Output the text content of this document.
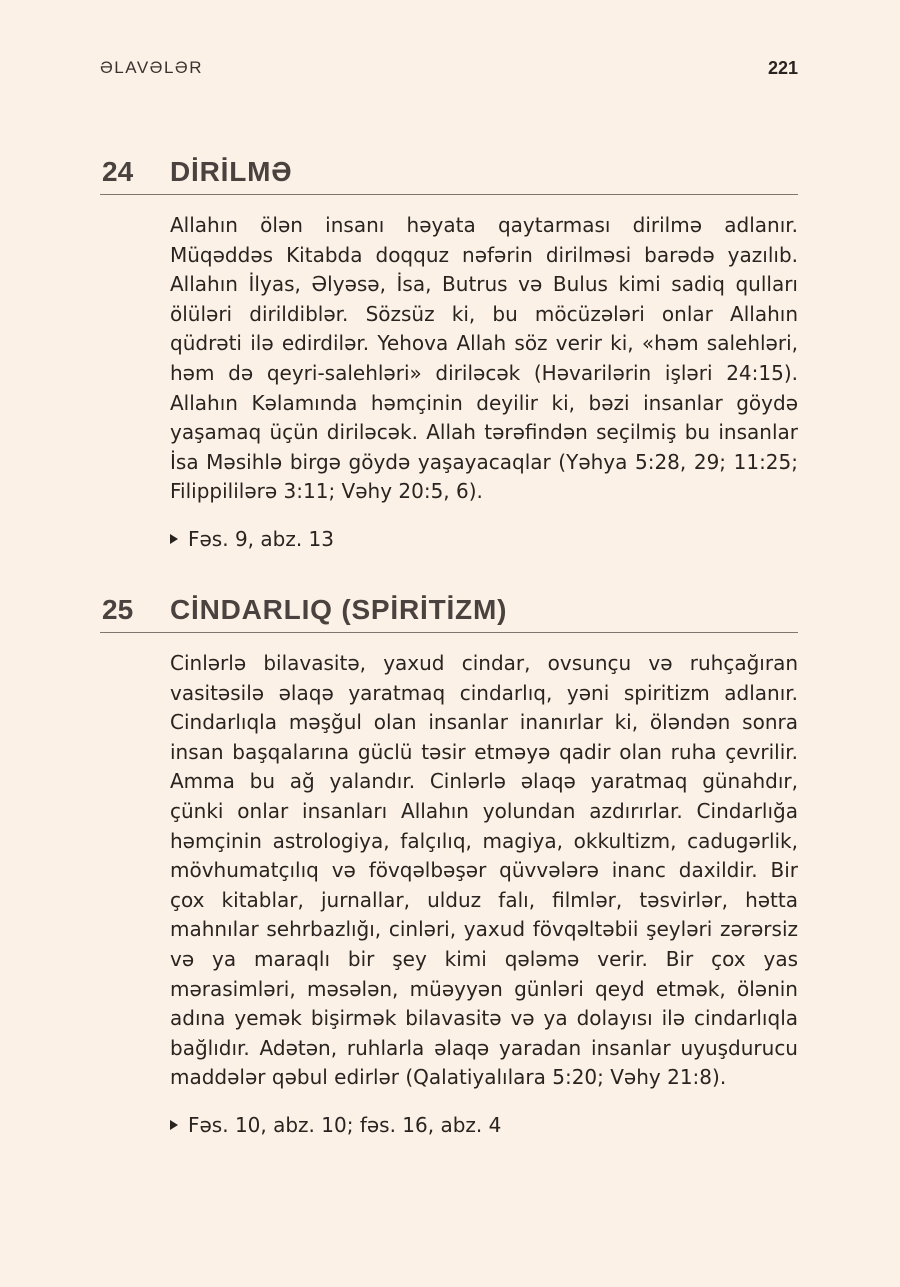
ƏLAVƏLƏR	221
24 DİRİLMƏ

Allahın ölən insanı həyata qaytarması dirilmə adlanır. Müqəddəs Kitabda doqquz nəfərin dirilməsi barədə yazılıb. Allahın İlyas, Əlyəsə, İsa, Butrus və Bulus kimi sadiq qulları ölüləri dirildiblər. Sözsüz ki, bu möcüzələri onlar Allahın qüdrəti ilə edirdilər. Yehova Allah söz verir ki, «həm salehləri, həm də qeyri-salehləri» diriləcək (Həvarilərin işləri 24:15). Allahın Kəlamında həmçinin deyilir ki, bəzi insanlar göydə yaşamaq üçün diriləcək. Allah tərəfindən seçilmiş bu insanlar İsa Məsihlə birgə göydə yaşayacaqlar (Yəhya 5:28, 29; 11:25; Filippililərə 3:11; Vəhy 20:5, 6).

Fəs. 9, abz. 13
25 CİNDARLIQ (SPİRİTİZM)

Cinlərlə bilavasitə, yaxud cindar, ovsunçu və ruhçağıran vasitəsilə əlaqə yaratmaq cindarlıq, yəni spiritizm adlanır. Cindarlıqla məşğul olan insanlar inanırlar ki, öləndən sonra insan başqalarına güclü təsir etməyə qadir olan ruha çevrilir. Amma bu ağ yalandır. Cinlərlə əlaqə yaratmaq günahdır, çünki onlar insanları Allahın yolundan azdırırlar. Cindarlığa həmçinin astrologiya, falçılıq, magiya, okkultizm, cadugərlik, mövhumatçılıq və fövqəlbəşər qüvvələrə inanc daxildir. Bir çox kitablar, jurnallar, ulduz falı, filmlər, təsvirlər, hətta mahnılar sehrbazlığı, cinləri, yaxud fövqəltəbii şeyləri zərərsiz və ya maraqlı bir şey kimi qələmə verir. Bir çox yas mərasimləri, məsələn, müəyyən günləri qeyd etmək, ölənin adına yemək bişirmək bilavasitə və ya dolayısı ilə cindarlıqla bağlıdır. Adətən, ruhlarla əlaqə yaradan insanlar uyuşdurucu maddələr qəbul edirlər (Qalatiyalılara 5:20; Vəhy 21:8).

Fəs. 10, abz. 10; fəs. 16, abz. 4
